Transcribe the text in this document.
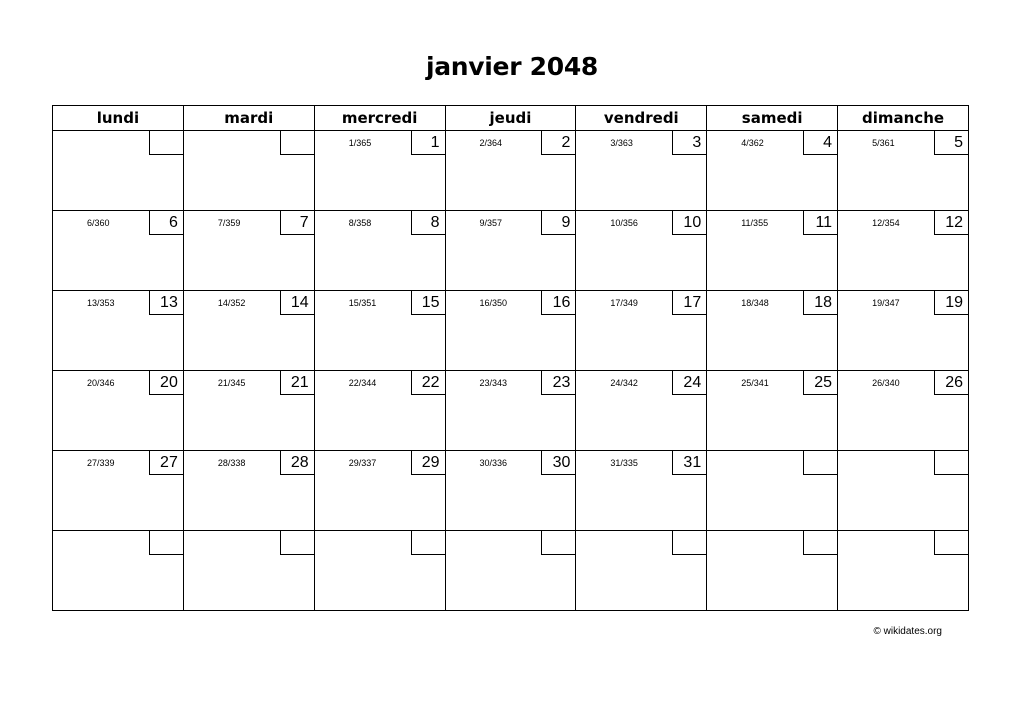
janvier 2048
lundi	mardi	mercredi	jeudi	vendredi	samedi	dimanche

		1/365 1	2/364 2	3/363 3	4/362 4	5/361 5

6/360 6	7/359 7	8/358 8	9/357 9	10/356 10	11/355 11	12/354 12

13/353 13	14/352 14	15/351 15	16/350 16	17/349 17	18/348 18	19/347 19

20/346 20	21/345 21	22/344 22	23/343 23	24/342 24	25/341 25	26/340 26

27/339 27	28/338 28	29/337 29	30/336 30	31/335 31		

© wikidates.org
